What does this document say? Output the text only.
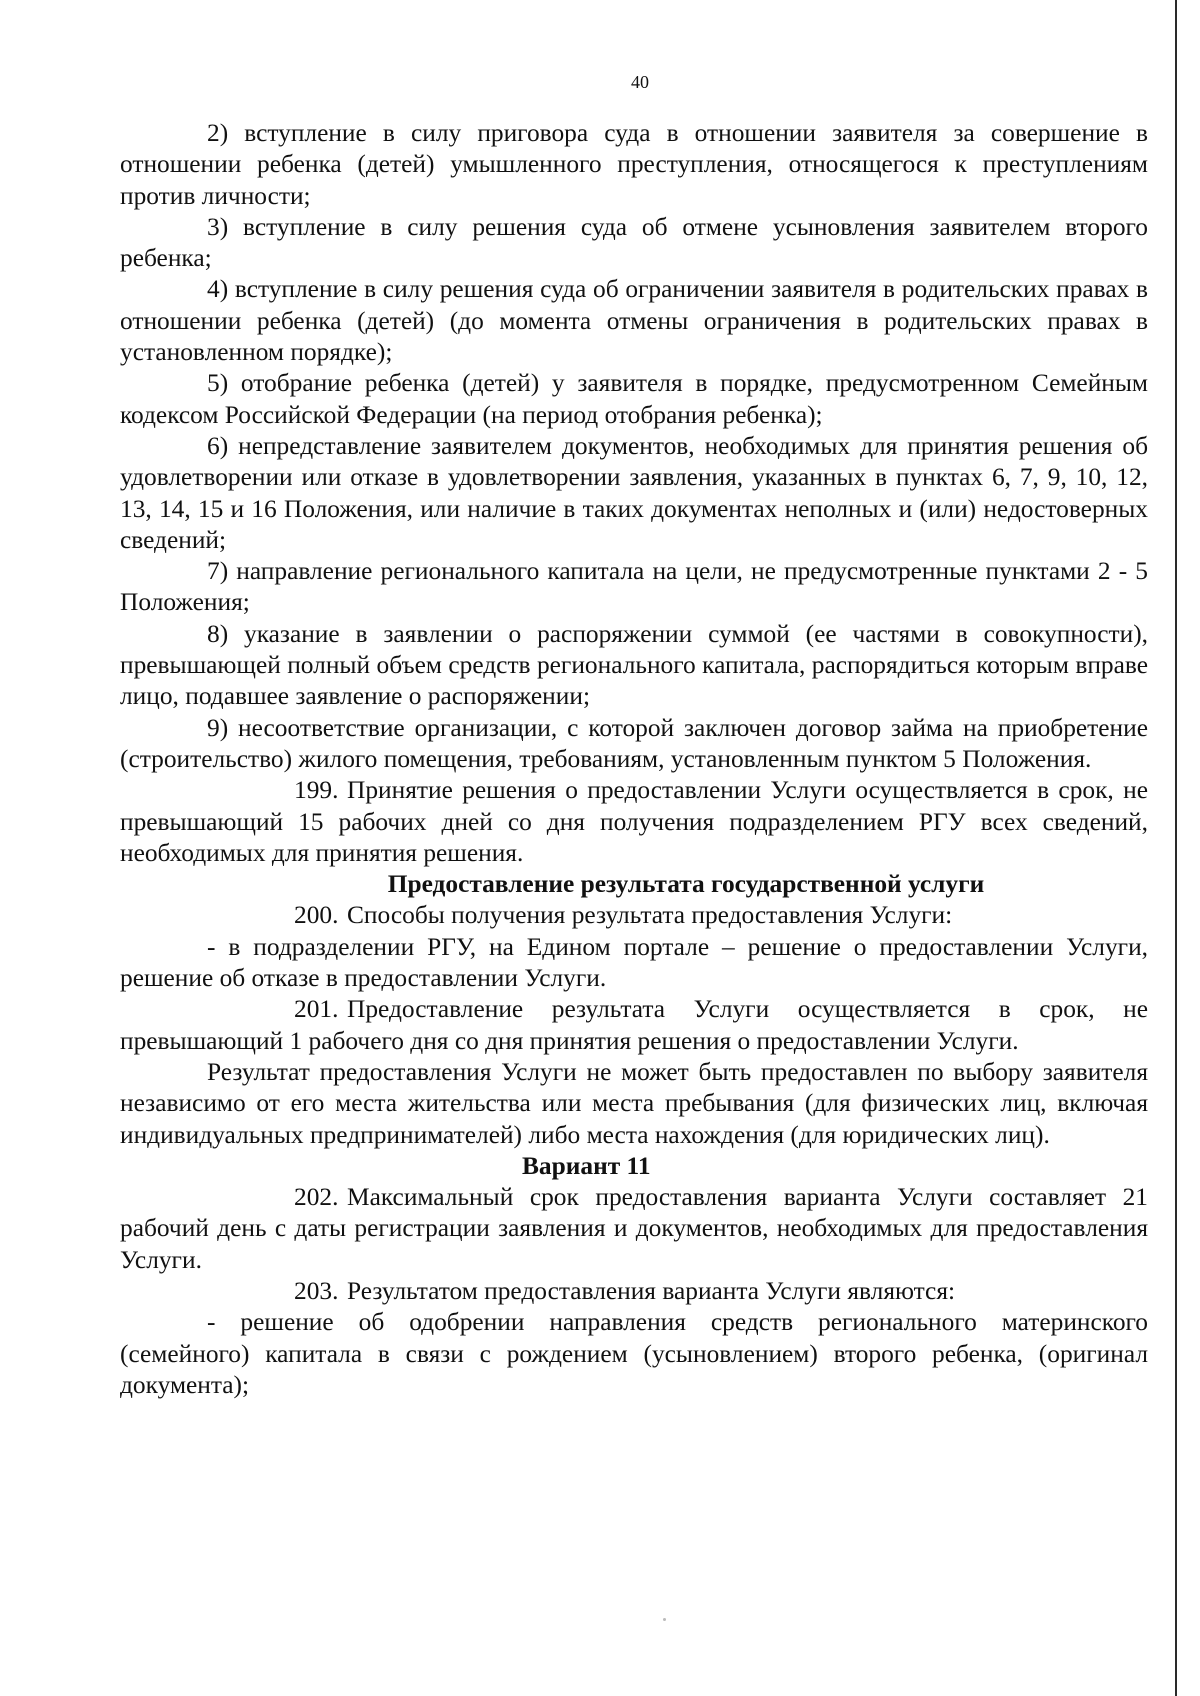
40

2) вступление в силу приговора суда в отношении заявителя за совершение в отношении ребенка (детей) умышленного преступления, относящегося к преступлениям против личности;

3) вступление в силу решения суда об отмене усыновления заявителем второго ребенка;

4) вступление в силу решения суда об ограничении заявителя в родительских правах в отношении ребенка (детей) (до момента отмены ограничения в родительских правах в установленном порядке);

5) отобрание ребенка (детей) у заявителя в порядке, предусмотренном Семейным кодексом Российской Федерации (на период отобрания ребенка);

6) непредставление заявителем документов, необходимых для принятия решения об удовлетворении или отказе в удовлетворении заявления, указанных в пунктах 6, 7, 9, 10, 12, 13, 14, 15 и 16 Положения, или наличие в таких документах неполных и (или) недостоверных сведений;

7) направление регионального капитала на цели, не предусмотренные пунктами 2 - 5 Положения;

8) указание в заявлении о распоряжении суммой (ее частями в совокупности), превышающей полный объем средств регионального капитала, распорядиться которым вправе лицо, подавшее заявление о распоряжении;

9) несоответствие организации, с которой заключен договор займа на приобретение (строительство) жилого помещения, требованиям, установленным пунктом 5 Положения.

199. Принятие решения о предоставлении Услуги осуществляется в срок, не превышающий 15 рабочих дней со дня получения подразделением РГУ всех сведений, необходимых для принятия решения.

Предоставление результата государственной услуги

200. Способы получения результата предоставления Услуги:

- в подразделении РГУ, на Едином портале – решение о предоставлении Услуги, решение об отказе в предоставлении Услуги.

201. Предоставление результата Услуги осуществляется в срок, не превышающий 1 рабочего дня со дня принятия решения о предоставлении Услуги.

Результат предоставления Услуги не может быть предоставлен по выбору заявителя независимо от его места жительства или места пребывания (для физических лиц, включая индивидуальных предпринимателей) либо места нахождения (для юридических лиц).

Вариант 11

202. Максимальный срок предоставления варианта Услуги составляет 21 рабочий день с даты регистрации заявления и документов, необходимых для предоставления Услуги.

203. Результатом предоставления варианта Услуги являются:

- решение об одобрении направления средств регионального материнского (семейного) капитала в связи с рождением (усыновлением) второго ребенка, (оригинал документа);
